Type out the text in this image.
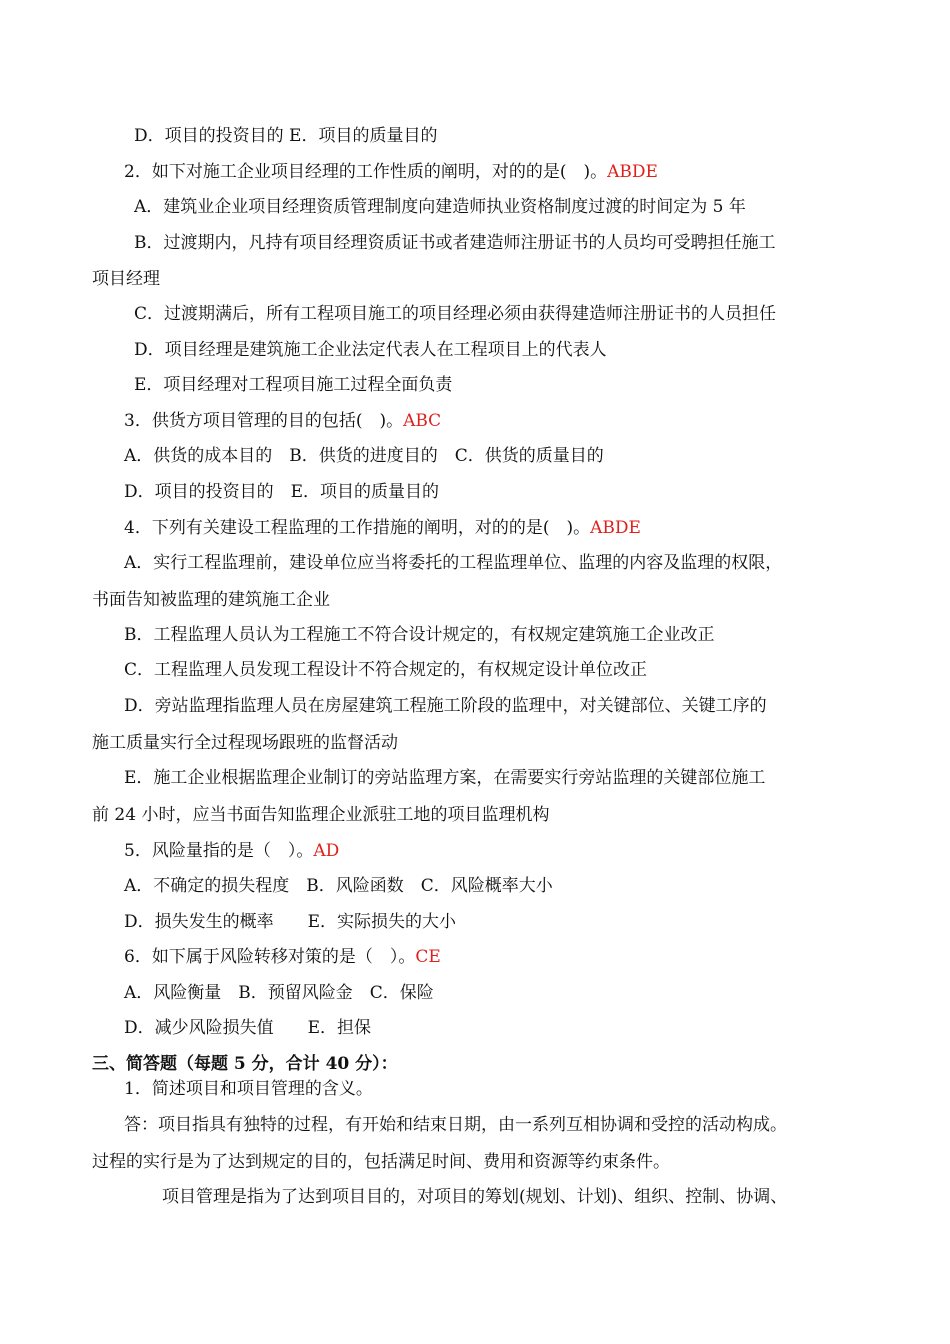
D．项目的投资目的 E．项目的质量目的
2．如下对施工企业项目经理的工作性质的阐明，对的的是(　)。ABDE
A．建筑业企业项目经理资质管理制度向建造师执业资格制度过渡的时间定为 5 年
B．过渡期内，凡持有项目经理资质证书或者建造师注册证书的人员均可受聘担任施工
项目经理
C．过渡期满后，所有工程项目施工的项目经理必须由获得建造师注册证书的人员担任
D．项目经理是建筑施工企业法定代表人在工程项目上的代表人
E．项目经理对工程项目施工过程全面负责
3．供货方项目管理的目的包括(　)。ABC
A．供货的成本目的　B．供货的进度目的　C．供货的质量目的
D．项目的投资目的　E．项目的质量目的
4．下列有关建设工程监理的工作措施的阐明，对的的是(　)。ABDE
A．实行工程监理前，建设单位应当将委托的工程监理单位、监理的内容及监理的权限，
书面告知被监理的建筑施工企业
B．工程监理人员认为工程施工不符合设计规定的，有权规定建筑施工企业改正
C．工程监理人员发现工程设计不符合规定的，有权规定设计单位改正
D．旁站监理指监理人员在房屋建筑工程施工阶段的监理中，对关键部位、关键工序的
施工质量实行全过程现场跟班的监督活动
E．施工企业根据监理企业制订的旁站监理方案，在需要实行旁站监理的关键部位施工
前 24 小时，应当书面告知监理企业派驻工地的项目监理机构
5．风险量指的是（　）。AD
A．不确定的损失程度　B．风险函数　C．风险概率大小
D．损失发生的概率　　E．实际损失的大小
6．如下属于风险转移对策的是（　）。CE
A．风险衡量　B．预留风险金　C．保险
D．减少风险损失值　　E．担保
三、简答题（每题 5 分，合计 40 分）：
1．简述项目和项目管理的含义。
答：项目指具有独特的过程，有开始和结束日期，由一系列互相协调和受控的活动构成。
过程的实行是为了达到规定的目的，包括满足时间、费用和资源等约束条件。
项目管理是指为了达到项目目的，对项目的筹划(规划、计划)、组织、控制、协调、
